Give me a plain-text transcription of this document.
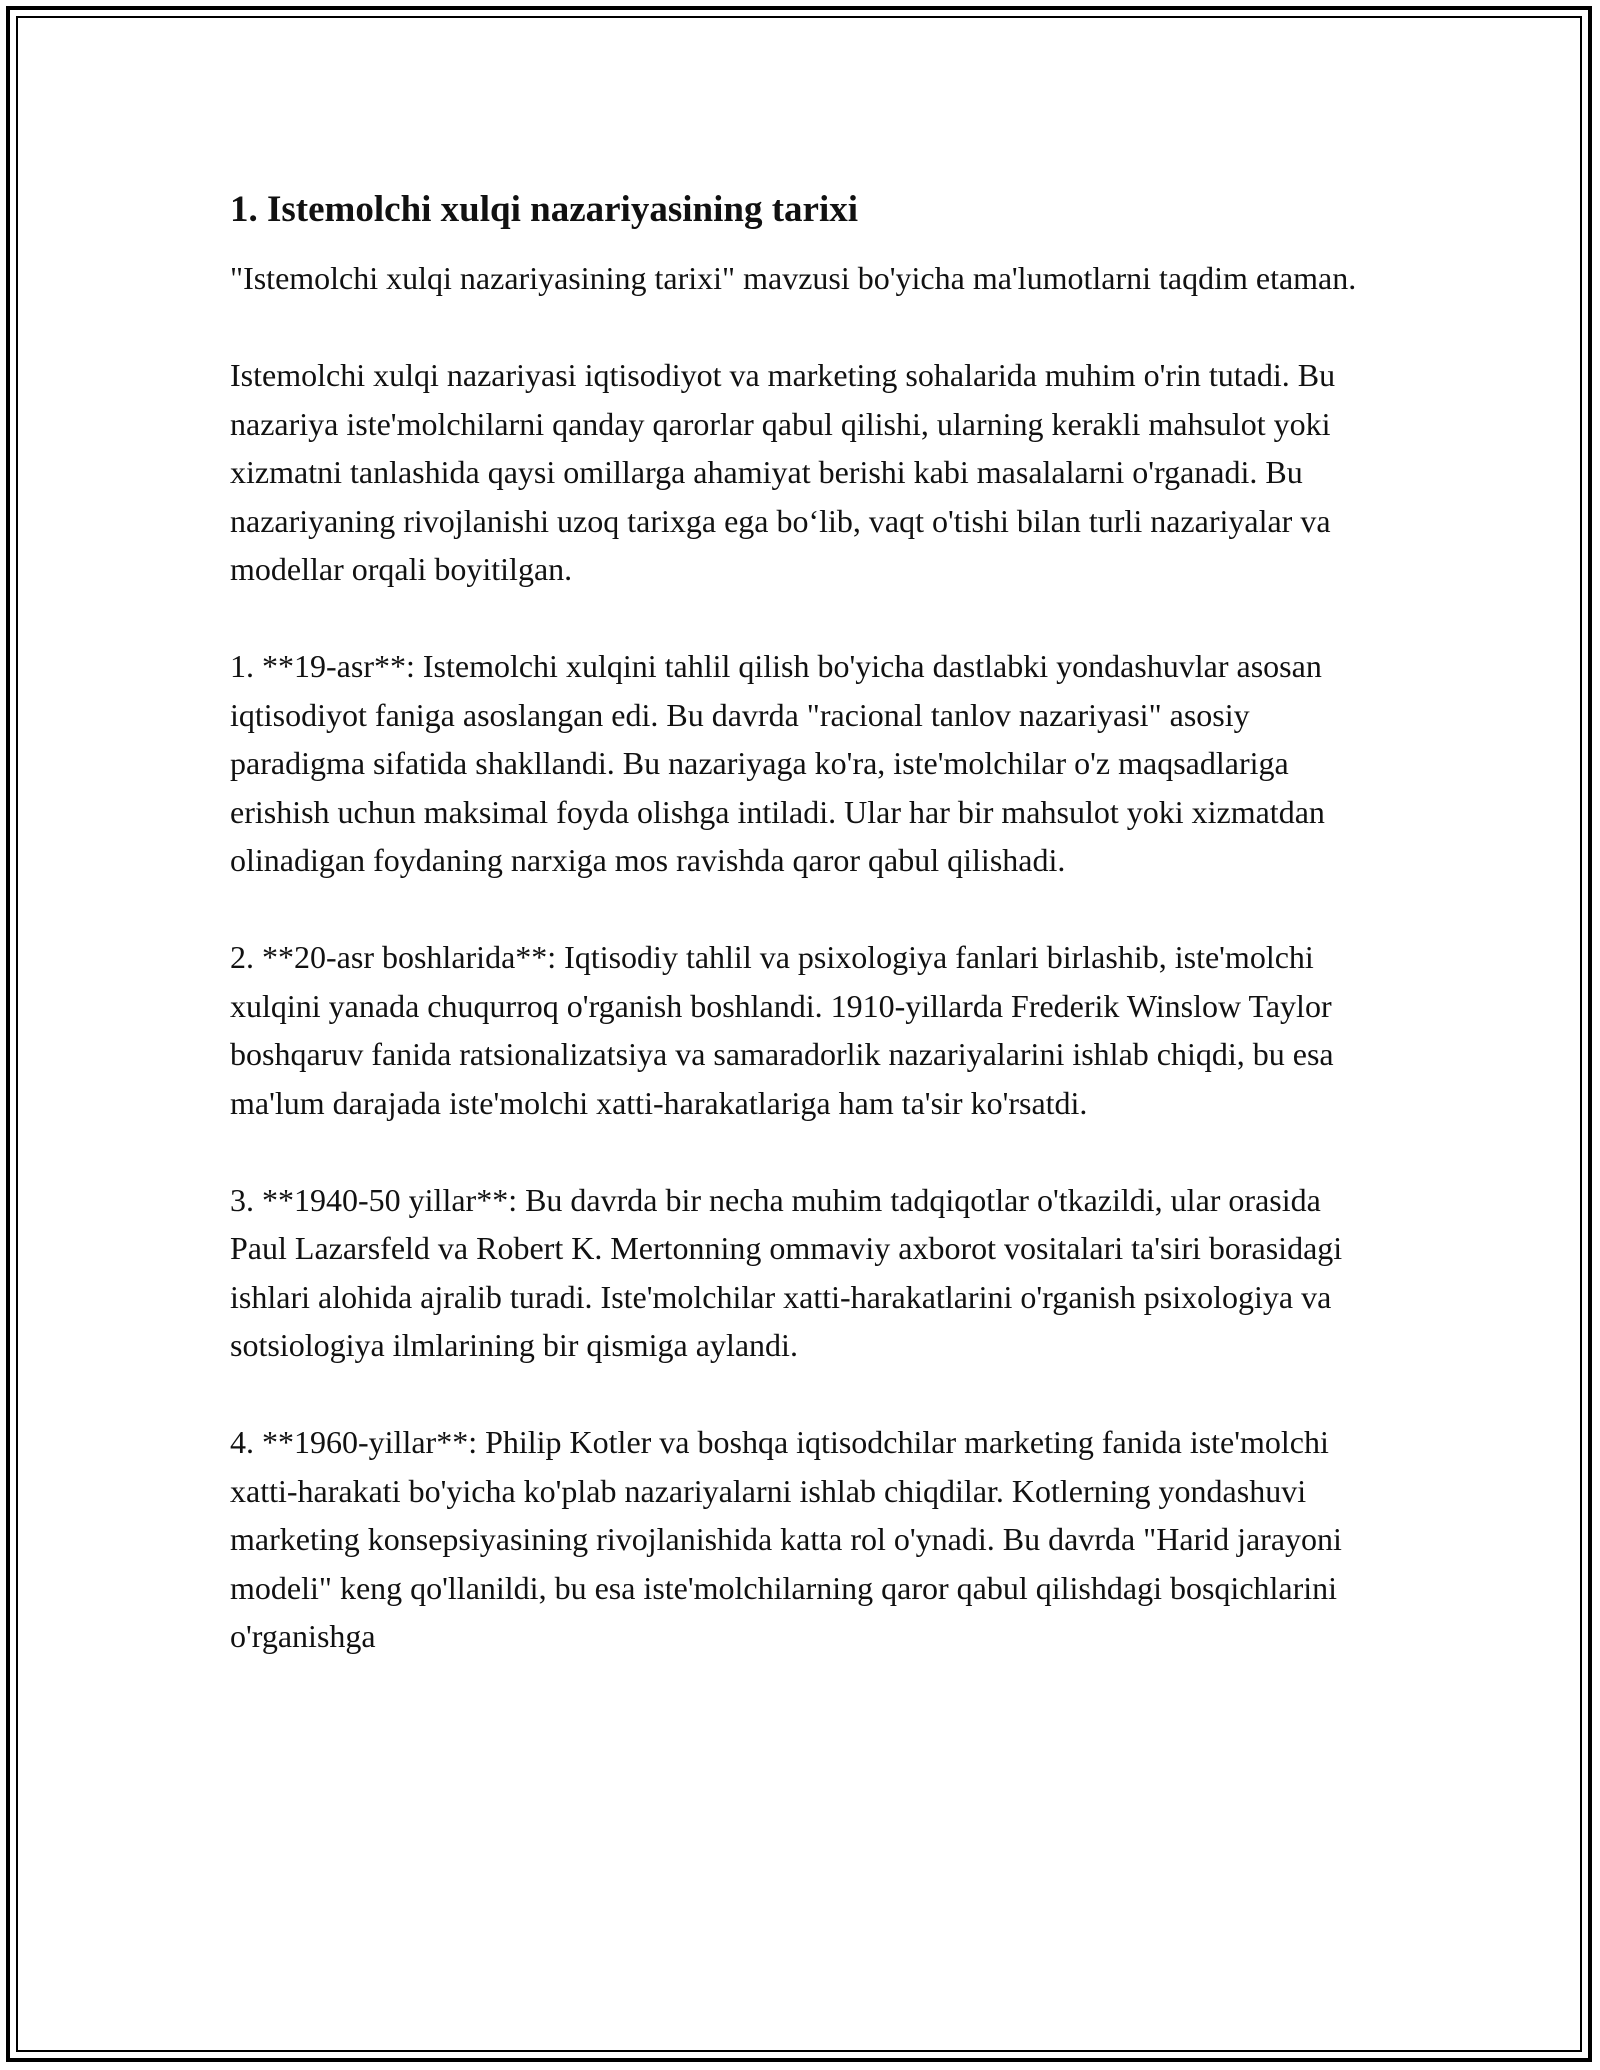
1. Istemolchi xulqi nazariyasining tarixi

"Istemolchi xulqi nazariyasining tarixi" mavzusi bo'yicha ma'lumotlarni taqdim etaman.

Istemolchi xulqi nazariyasi iqtisodiyot va marketing sohalarida muhim o'rin tutadi. Bu nazariya iste'molchilarni qanday qarorlar qabul qilishi, ularning kerakli mahsulot yoki xizmatni tanlashida qaysi omillarga ahamiyat berishi kabi masalalarni o'rganadi. Bu nazariyaning rivojlanishi uzoq tarixga ega bo‘lib, vaqt o'tishi bilan turli nazariyalar va modellar orqali boyitilgan.

1. **19-asr**: Istemolchi xulqini tahlil qilish bo'yicha dastlabki yondashuvlar asosan iqtisodiyot faniga asoslangan edi. Bu davrda "racional tanlov nazariyasi" asosiy paradigma sifatida shakllandi. Bu nazariyaga ko'ra, iste'molchilar o'z maqsadlariga erishish uchun maksimal foyda olishga intiladi. Ular har bir mahsulot yoki xizmatdan olinadigan foydaning narxiga mos ravishda qaror qabul qilishadi.

2. **20-asr boshlarida**: Iqtisodiy tahlil va psixologiya fanlari birlashib, iste'molchi xulqini yanada chuqurroq o'rganish boshlandi. 1910-yillarda Frederik Winslow Taylor boshqaruv fanida ratsionalizatsiya va samaradorlik nazariyalarini ishlab chiqdi, bu esa ma'lum darajada iste'molchi xatti-harakatlariga ham ta'sir ko'rsatdi.

3. **1940-50 yillar**: Bu davrda bir necha muhim tadqiqotlar o'tkazildi, ular orasida Paul Lazarsfeld va Robert K. Mertonning ommaviy axborot vositalari ta'siri borasidagi ishlari alohida ajralib turadi. Iste'molchilar xatti-harakatlarini o'rganish psixologiya va sotsiologiya ilmlarining bir qismiga aylandi.

4. **1960-yillar**: Philip Kotler va boshqa iqtisodchilar marketing fanida iste'molchi xatti-harakati bo'yicha ko'plab nazariyalarni ishlab chiqdilar. Kotlerning yondashuvi marketing konsepsiyasining rivojlanishida katta rol o'ynadi. Bu davrda "Harid jarayoni modeli" keng qo'llanildi, bu esa iste'molchilarning qaror qabul qilishdagi bosqichlarini o'rganishga
